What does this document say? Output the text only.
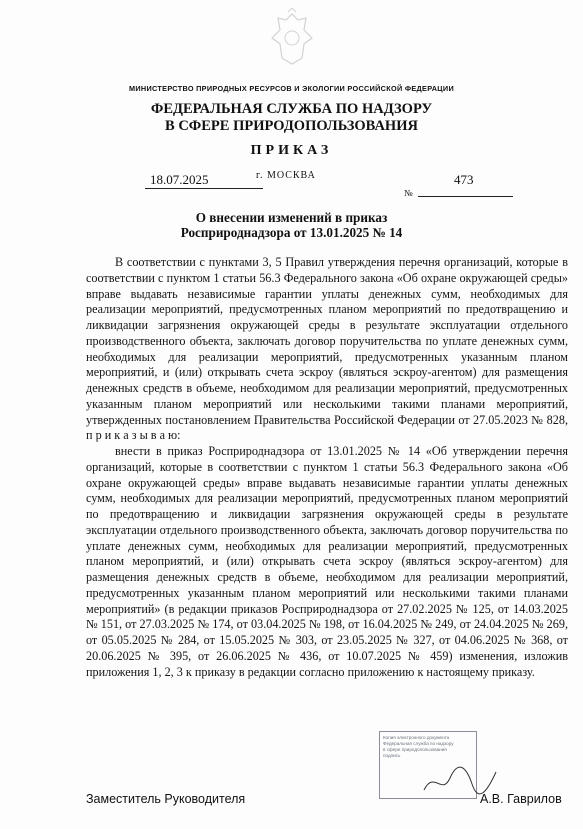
МИНИСТЕРСТВО ПРИРОДНЫХ РЕСУРСОВ И ЭКОЛОГИИ РОССИЙСКОЙ ФЕДЕРАЦИИ
ФЕДЕРАЛЬНАЯ СЛУЖБА ПО НАДЗОРУ
В СФЕРЕ ПРИРОДОПОЛЬЗОВАНИЯ
ПРИКАЗ
18.07.2025	г. МОСКВА
№
473
О внесении изменений в приказ
Росприроднадзора от 13.01.2025 № 14

В соответствии с пунктами 3, 5 Правил утверждения перечня организаций, которые в соответствии с пунктом 1 статьи 56.3 Федерального закона «Об охране окружающей среды» вправе выдавать независимые гарантии уплаты денежных сумм, необходимых для реализации мероприятий, предусмотренных планом мероприятий по предотвращению и ликвидации загрязнения окружающей среды в результате эксплуатации отдельного производственного объекта, заключать договор поручительства по уплате денежных сумм, необходимых для реализации мероприятий, предусмотренных указанным планом мероприятий, и (или) открывать счета эскроу (являться эскроу-агентом) для размещения денежных средств в объеме, необходимом для реализации мероприятий, предусмотренных указанным планом мероприятий или несколькими такими планами мероприятий, утвержденных постановлением Правительства Российской Федерации от 27.05.2023 № 828, п р и к а з ы в а ю:

внести в приказ Росприроднадзора от 13.01.2025 № 14 «Об утверждении перечня организаций, которые в соответствии с пунктом 1 статьи 56.3 Федерального закона «Об охране окружающей среды» вправе выдавать независимые гарантии уплаты денежных сумм, необходимых для реализации мероприятий, предусмотренных планом мероприятий по предотвращению и ликвидации загрязнения окружающей среды в результате эксплуатации отдельного производственного объекта, заключать договор поручительства по уплате денежных сумм, необходимых для реализации мероприятий, предусмотренных планом мероприятий, и (или) открывать счета эскроу (являться эскроу-агентом) для размещения денежных средств в объеме, необходимом для реализации мероприятий, предусмотренных указанным планом мероприятий или несколькими такими планами мероприятий» (в редакции приказов Росприроднадзора от 27.02.2025 № 125, от 14.03.2025 № 151, от 27.03.2025 № 174, от 03.04.2025 № 198, от 16.04.2025 № 249, от 24.04.2025 № 269, от 05.05.2025 № 284, от 15.05.2025 № 303, от 23.05.2025 № 327, от 04.06.2025 № 368, от 20.06.2025 № 395, от 26.06.2025 № 436, от 10.07.2025 № 459) изменения, изложив приложения 1, 2, 3 к приказу в редакции согласно приложению к настоящему приказу.

Копия электронного документа
Федеральная служба по надзору
в сфере природопользования
подпись
Заместитель Руководителя	А.В. Гаврилов
